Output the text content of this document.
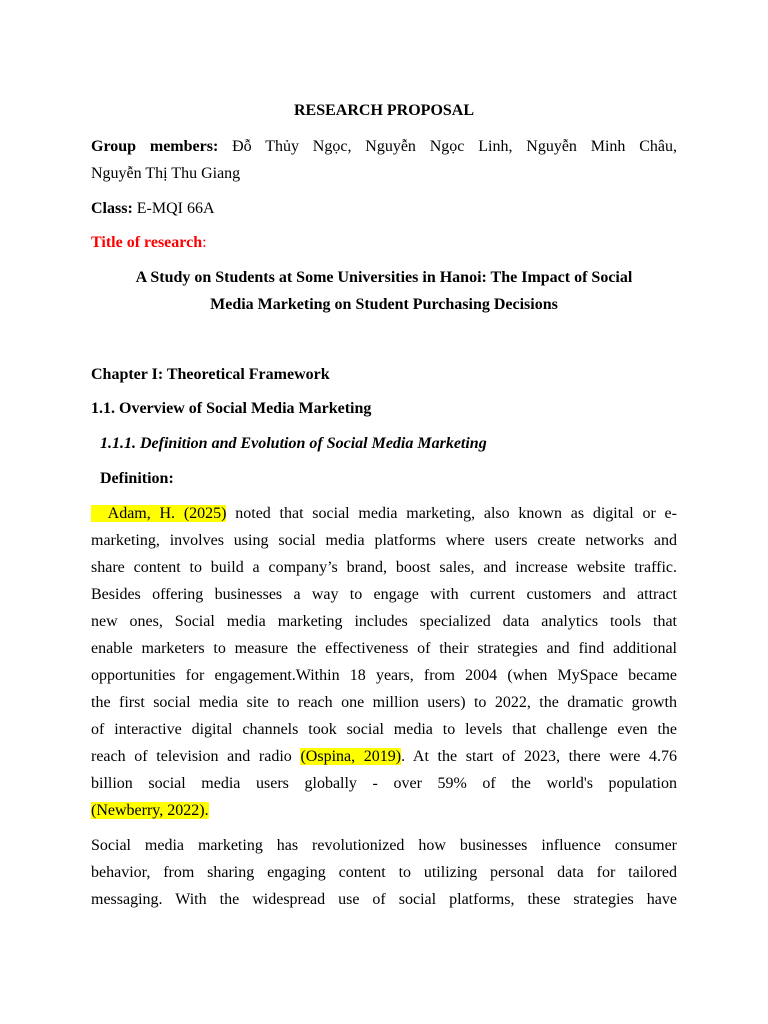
RESEARCH PROPOSAL
Group members: Đỗ Thủy Ngọc, Nguyễn Ngọc Linh, Nguyễn Minh Châu,
Nguyễn Thị Thu Giang
Class: E-MQI 66A
Title of research:
A Study on Students at Some Universities in Hanoi: The Impact of Social
Media Marketing on Student Purchasing Decisions
Chapter I: Theoretical Framework
1.1. Overview of Social Media Marketing
1.1.1. Definition and Evolution of Social Media Marketing
Definition:
Adam, H. (2025) noted that social media marketing, also known as digital or e-
marketing, involves using social media platforms where users create networks and
share content to build a company’s brand, boost sales, and increase website traffic.
Besides offering businesses a way to engage with current customers and attract
new ones, Social media marketing includes specialized data analytics tools that
enable marketers to measure the effectiveness of their strategies and find additional
opportunities for engagement.Within 18 years, from 2004 (when MySpace became
the first social media site to reach one million users) to 2022, the dramatic growth
of interactive digital channels took social media to levels that challenge even the
reach of television and radio (Ospina, 2019). At the start of 2023, there were 4.76
billion social media users globally - over 59% of the world's population
(Newberry, 2022).
Social media marketing has revolutionized how businesses influence consumer
behavior, from sharing engaging content to utilizing personal data for tailored
messaging. With the widespread use of social platforms, these strategies have
